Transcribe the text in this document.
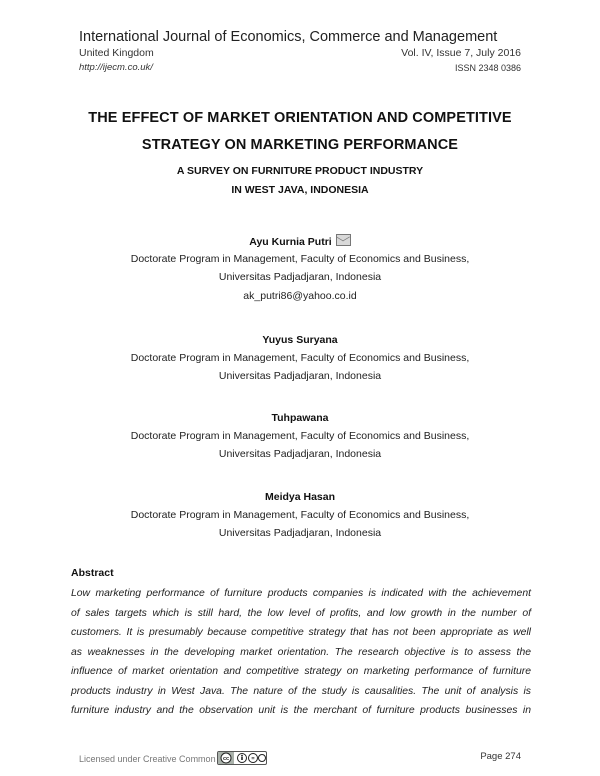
International Journal of Economics, Commerce and Management
United Kingdom	Vol. IV, Issue 7, July 2016
http://ijecm.co.uk/	ISSN 2348 0386
THE EFFECT OF MARKET ORIENTATION AND COMPETITIVE
STRATEGY ON MARKETING PERFORMANCE
A SURVEY ON FURNITURE PRODUCT INDUSTRY
IN WEST JAVA, INDONESIA
Ayu Kurnia Putri
Doctorate Program in Management, Faculty of Economics and Business,
Universitas Padjadjaran, Indonesia
ak_putri86@yahoo.co.id
Yuyus Suryana
Doctorate Program in Management, Faculty of Economics and Business,
Universitas Padjadjaran, Indonesia
Tuhpawana
Doctorate Program in Management, Faculty of Economics and Business,
Universitas Padjadjaran, Indonesia
Meidya Hasan
Doctorate Program in Management, Faculty of Economics and Business,
Universitas Padjadjaran, Indonesia
Abstract
Low marketing performance of furniture products companies is indicated with the achievement
of sales targets which is still hard, the low level of profits, and low growth in the number of
customers. It is presumably because competitive strategy that has not been appropriate as well
as weaknesses in the developing market orientation. The research objective is to assess the
influence of market orientation and competitive strategy on marketing performance of furniture
products industry in West Java. The nature of the study is causalities. The unit of analysis is
furniture industry and the observation unit is the merchant of furniture products businesses in
Licensed under Creative Common cc	=	Page 274
